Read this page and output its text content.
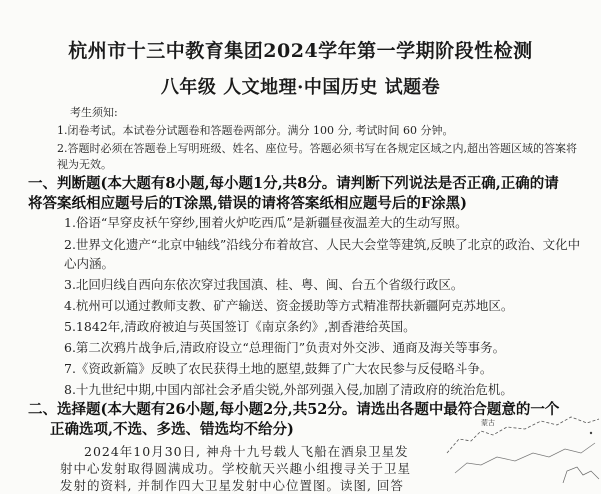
杭州市十三中教育集团2024学年第一学期阶段性检测
八年级 人文地理·中国历史 试题卷
考生须知:
1.闭卷考试。本试卷分试题卷和答题卷两部分。满分 100 分, 考试时间 60 分钟。
2.答题时必须在答题卷上写明班级、姓名、座位号。答题必须书写在各规定区域之内,超出答题区域的答案将
视为无效。
一、判断题(本大题有8小题,每小题1分,共8分。请判断下列说法是否正确,正确的请
将答案纸相应题号后的T涂黑,错误的请将答案纸相应题号后的F涂黑)
1.俗语“早穿皮袄午穿纱,围着火炉吃西瓜”是新疆昼夜温差大的生动写照。
2.世界文化遗产“北京中轴线”沿线分布着故宫、人民大会堂等建筑,反映了北京的政治、文化中
心内涵。
3.北回归线自西向东依次穿过我国滇、桂、粤、闽、台五个省级行政区。
4.杭州可以通过教师支教、矿产输送、资金援助等方式精准帮扶新疆阿克苏地区。
5.1842年,清政府被迫与英国签订《南京条约》,割香港给英国。
6.第二次鸦片战争后,清政府设立“总理衙门”负责对外交涉、通商及海关等事务。
7.《资政新篇》反映了农民获得土地的愿望,鼓舞了广大农民参与反侵略斗争。
8.十九世纪中期,中国内部社会矛盾尖锐,外部列强入侵,加剧了清政府的统治危机。
二、选择题(本大题有26小题,每小题2分,共52分。请选出各题中最符合题意的一个
正确选项,不选、多选、错选均不给分)
2024年10月30日, 神舟十九号载人飞船在酒泉卫星发
射中心发射取得圆满成功。学校航天兴趣小组搜寻关于卫星
发射的资料, 并制作四大卫星发射中心位置图。读图, 回答
蒙古
